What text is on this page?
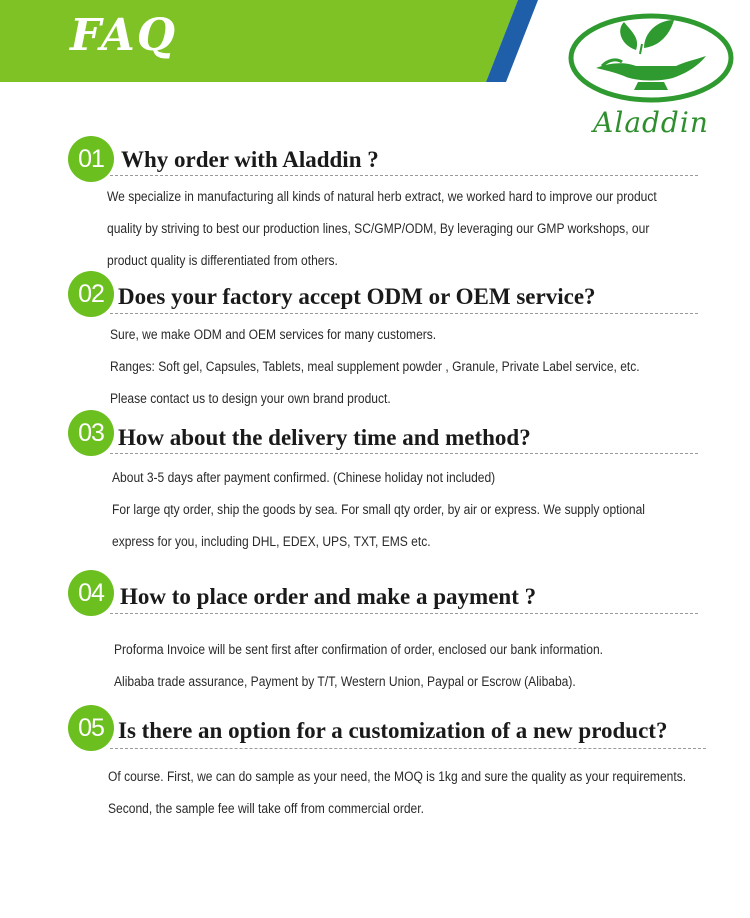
FAQ
Aladdin
01 Why order with Aladdin ?
We specialize in manufacturing all kinds of natural herb extract, we worked hard to improve our product
quality by striving to best our production lines, SC/GMP/ODM, By leveraging our GMP workshops, our
product quality is differentiated from others.
02 Does your factory accept ODM or OEM service?
Sure, we make ODM and OEM services for many customers.
Ranges: Soft gel, Capsules, Tablets, meal supplement powder , Granule, Private Label service, etc.
Please contact us to design your own brand product.
03 How about the delivery time and method?
About 3-5 days after payment confirmed. (Chinese holiday not included)
For large qty order, ship the goods by sea. For small qty order, by air or express. We supply optional
express for you, including DHL, EDEX, UPS, TXT, EMS etc.
04 How to place order and make a payment ?
Proforma Invoice will be sent first after confirmation of order, enclosed our bank information.
Alibaba trade assurance, Payment by T/T, Western Union, Paypal or Escrow (Alibaba).
05 Is there an option for a customization of a new product?
Of course. First, we can do sample as your need, the MOQ is 1kg and sure the quality as your requirements.
Second, the sample fee will take off from commercial order.
